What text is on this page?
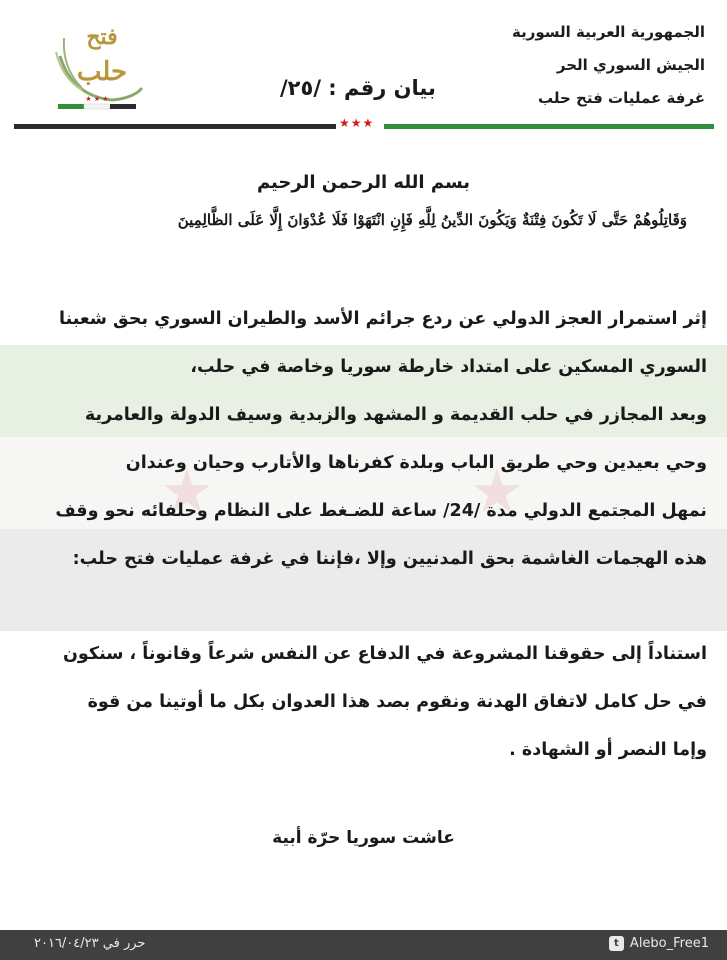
★	★
الجمهورية العربية السورية
الجيش السوري الحر
غرفة عمليات فتح حلب
فتح
حلب
★ ★ ★	بيان رقم : /٢٥/
★★★
بسم الله الرحمن الرحيم
وَقَاتِلُوهُمْ حَتَّى لَا تَكُونَ فِتْنَةٌ وَيَكُونَ الدِّينُ لِلَّهِ فَإِنِ انْتَهَوْا فَلَا عُدْوَانَ إِلَّا عَلَى الظَّالِمِينَ
إثر استمرار العجز الدولي عن ردع جرائم الأسد والطيران السوري بحق شعبنا
السوري المسكين على امتداد خارطة سوريا وخاصة في حلب،
وبعد المجازر في حلب القديمة و المشهد والزبدية وسيف الدولة والعامرية
وحي بعيدين وحي طريق الباب وبلدة كفرناها والأتارب وحيان وعندان
نمهل المجتمع الدولي مدة /24/ ساعة للضـغط على النظام وحلفائه نحو وقف
هذه الهجمات الغاشمة بحق المدنيين وإلا ،فإننا في غرفة عمليات فتح حلب:
استناداً إلى حقوقنا المشروعة في الدفاع عن النفس شرعاً وقانوناً ، سنكون
في حل كامل لاتفاق الهدنة ونقوم بصد هذا العدوان بكل ما أوتينا من قوة
وإما النصر أو الشهادة .
عاشت سوريا حرّة أبية
t Alebo_Free1
حرر في ٢٠١٦/٠٤/٢٣
